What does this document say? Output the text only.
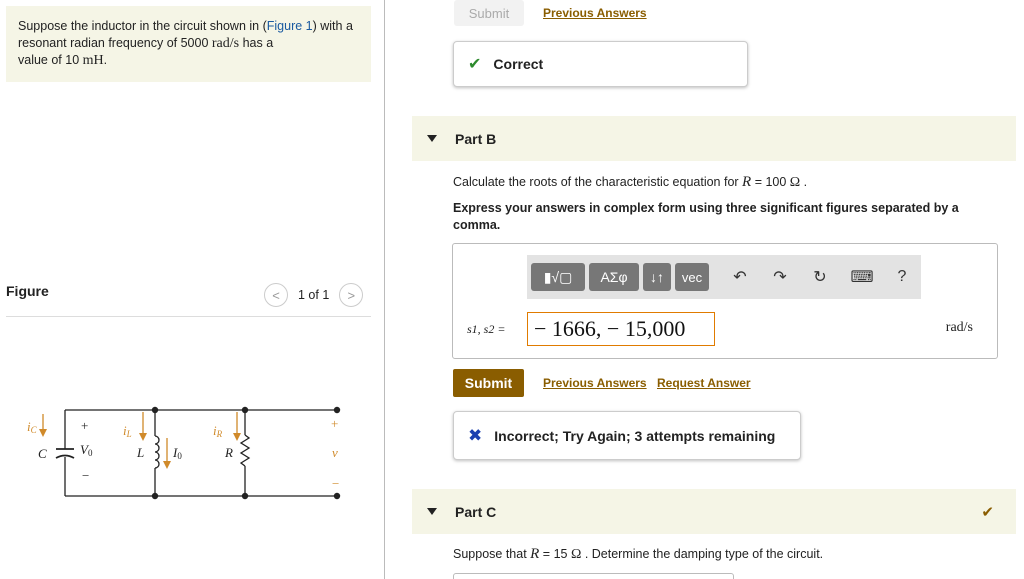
Suppose the inductor in the circuit shown in (Figure 1) with a resonant radian frequency of 5000 rad/s has a
value of 10 mH.
Figure	<	1 of 1	>
iC
C
+
V0
−
iL
L I0
iR
R
+
v
−
Submit	Previous Answers
✔ Correct
Part B
Calculate the roots of the characteristic equation for R = 100 Ω .
Express your answers in complex form using three significant figures separated by a comma.
▮√▢	ΑΣφ	↓↑	vec	↶	↷	↻	⌨	?
s1, s2 =	− 1666, − 15,000	rad/s
Submit	Previous Answers Request Answer
✖ Incorrect; Try Again; 3 attempts remaining
Part C	✔
Suppose that R = 15 Ω . Determine the damping type of the circuit.
